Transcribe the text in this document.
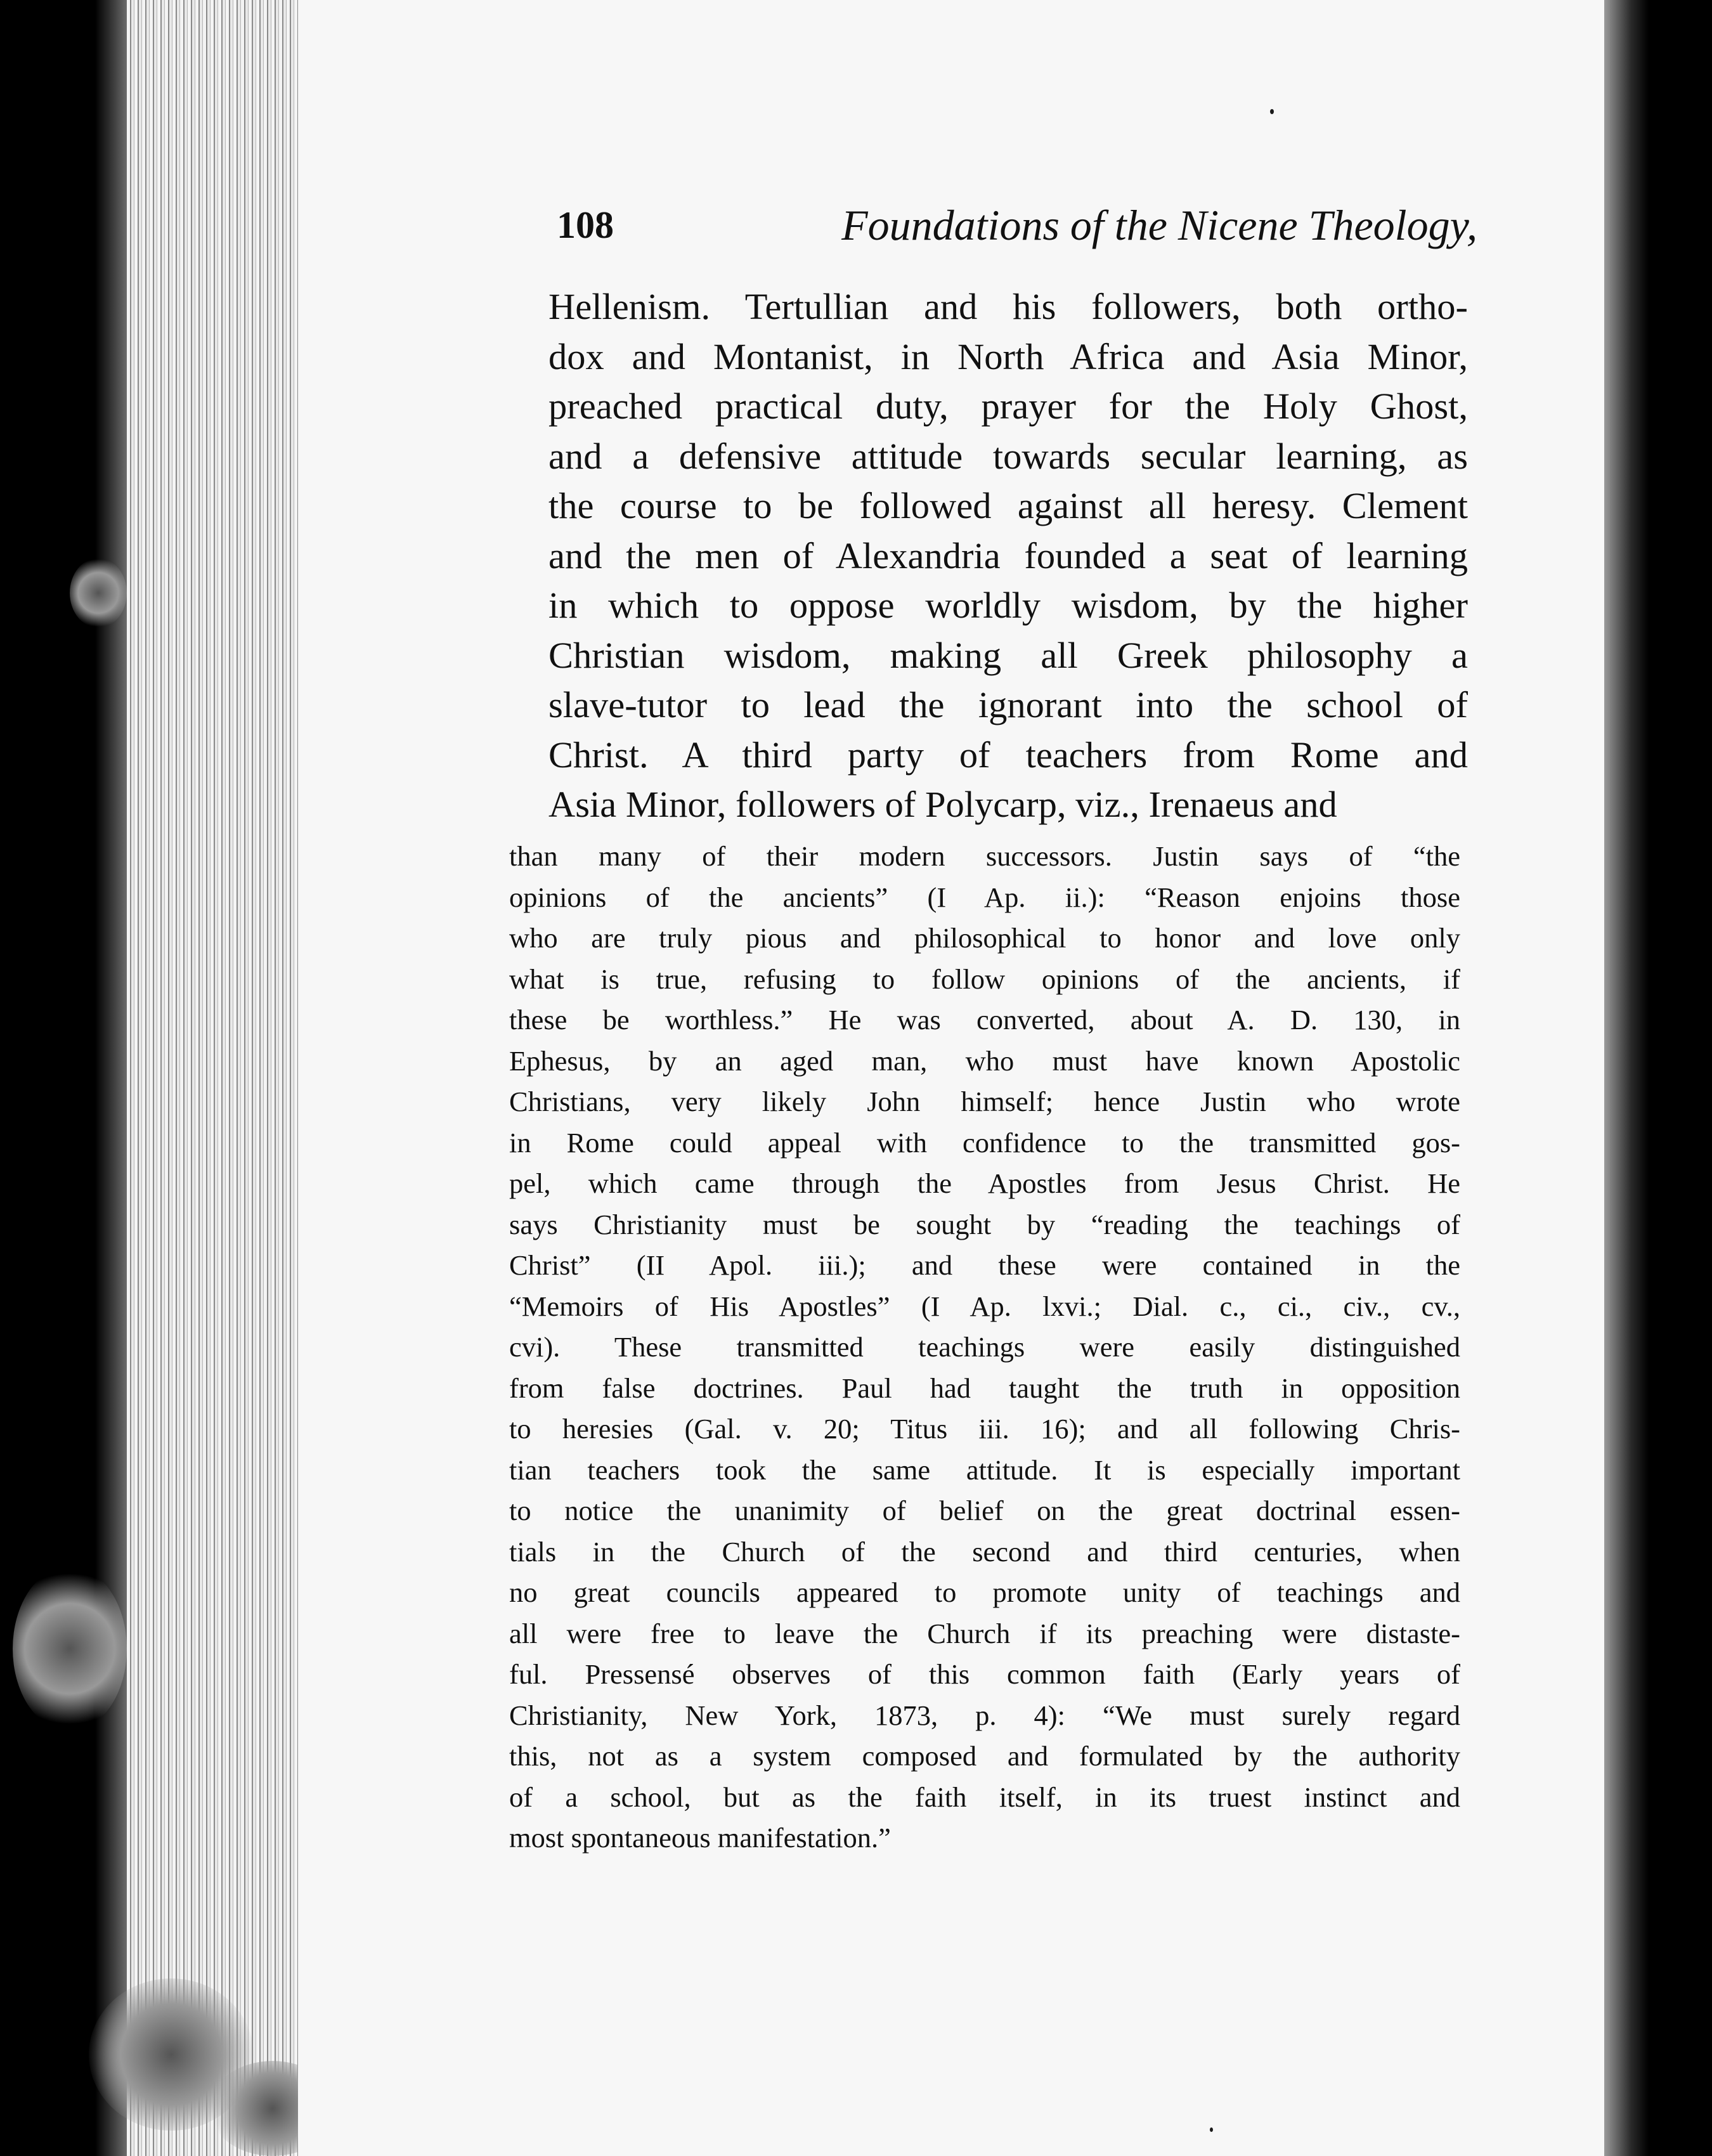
108	Foundations of the Nicene Theology,
Hellenism. Tertullian and his followers, both ortho-
dox and Montanist, in North Africa and Asia Minor,
preached practical duty, prayer for the Holy Ghost,
and a defensive attitude towards secular learning, as
the course to be followed against all heresy. Clement
and the men of Alexandria founded a seat of learning
in which to oppose worldly wisdom, by the higher
Christian wisdom, making all Greek philosophy a
slave-tutor to lead the ignorant into the school of
Christ. A third party of teachers from Rome and
Asia Minor, followers of Polycarp, viz., Irenaeus and
than many of their modern successors. Justin says of “the
opinions of the ancients” (I Ap. ii.): “Reason enjoins those
who are truly pious and philosophical to honor and love only
what is true, refusing to follow opinions of the ancients, if
these be worthless.” He was converted, about A. D. 130, in
Ephesus, by an aged man, who must have known Apostolic
Christians, very likely John himself; hence Justin who wrote
in Rome could appeal with confidence to the transmitted gos-
pel, which came through the Apostles from Jesus Christ. He
says Christianity must be sought by “reading the teachings of
Christ” (II Apol. iii.); and these were contained in the
“Memoirs of His Apostles” (I Ap. lxvi.; Dial. c., ci., civ., cv.,
cvi). These transmitted teachings were easily distinguished
from false doctrines. Paul had taught the truth in opposition
to heresies (Gal. v. 20; Titus iii. 16); and all following Chris-
tian teachers took the same attitude. It is especially important
to notice the unanimity of belief on the great doctrinal essen-
tials in the Church of the second and third centuries, when
no great councils appeared to promote unity of teachings and
all were free to leave the Church if its preaching were distaste-
ful. Pressensé observes of this common faith (Early years of
Christianity, New York, 1873, p. 4): “We must surely regard
this, not as a system composed and formulated by the authority
of a school, but as the faith itself, in its truest instinct and
most spontaneous manifestation.”
